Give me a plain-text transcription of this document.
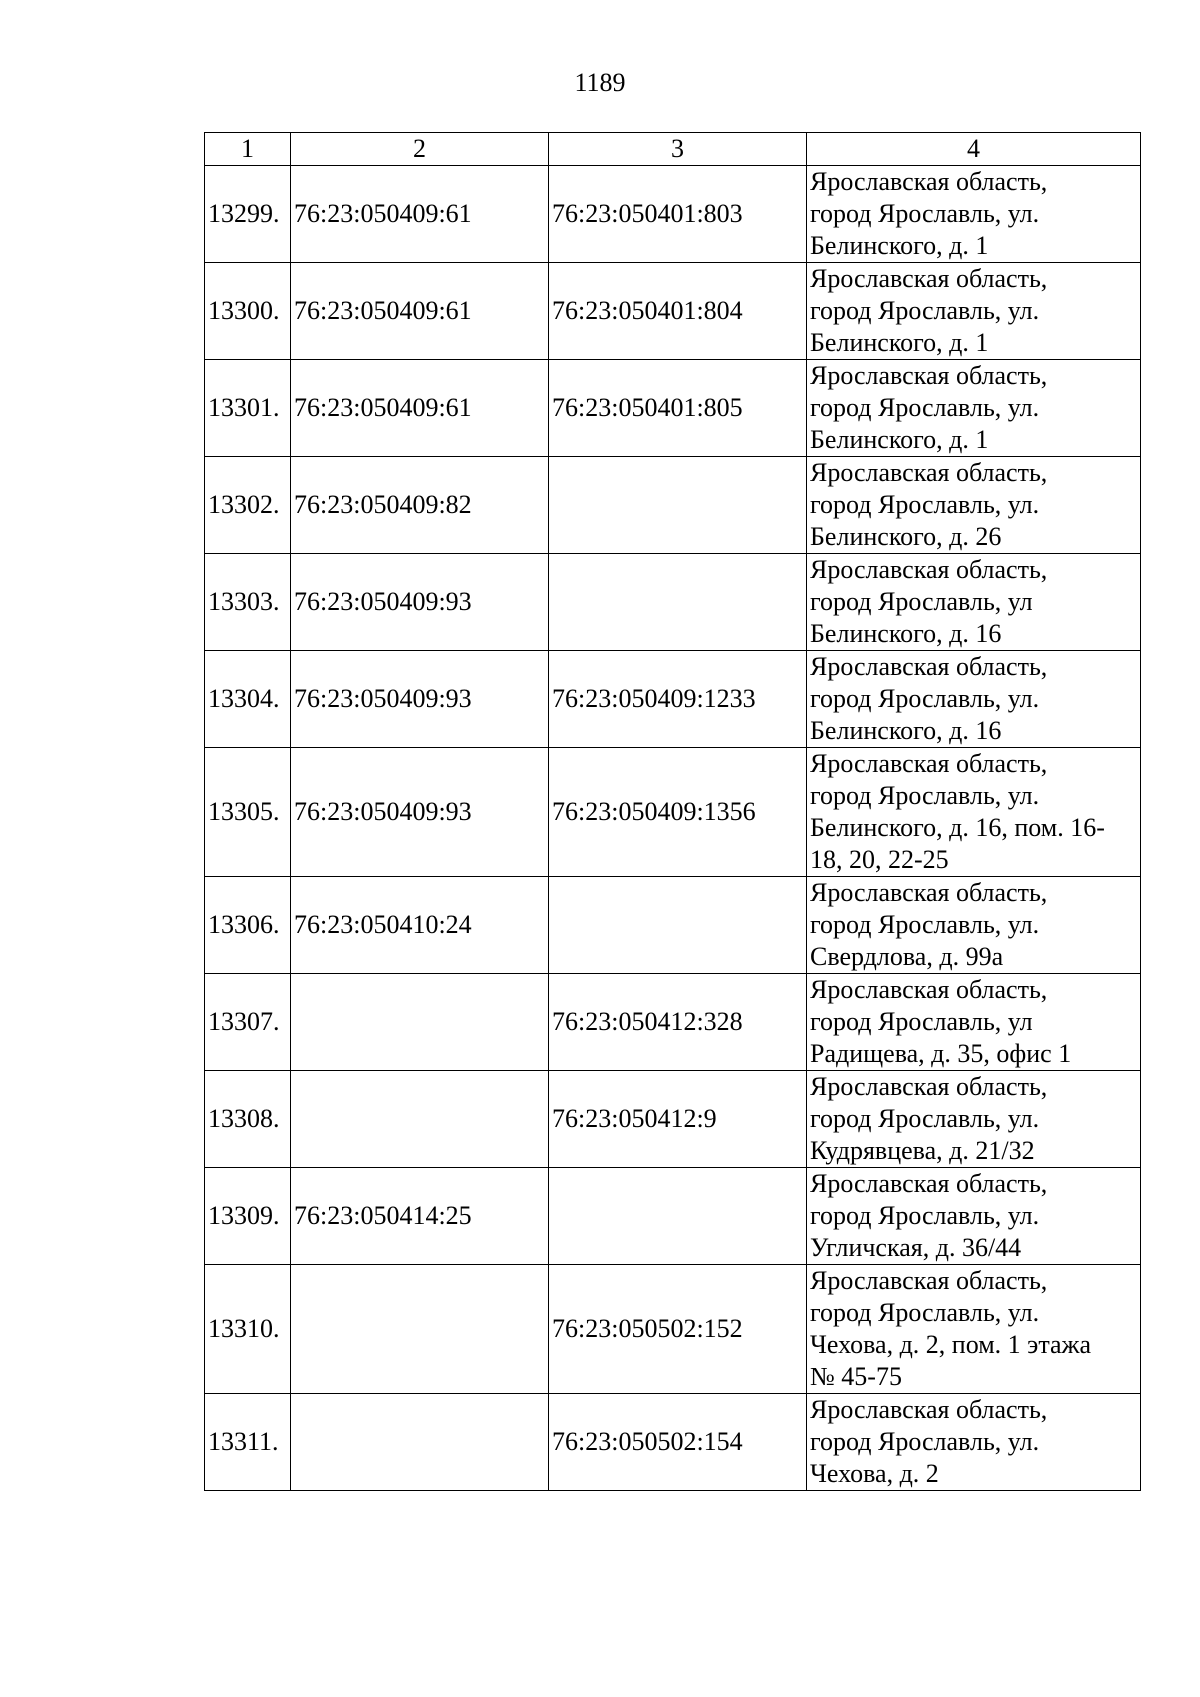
1189
1	2	3	4
13299.	76:23:050409:61	76:23:050401:803	Ярославская область,
город Ярославль, ул.
Белинского, д. 1

13300.	76:23:050409:61	76:23:050401:804	Ярославская область,
город Ярославль, ул.
Белинского, д. 1

13301.	76:23:050409:61	76:23:050401:805	Ярославская область,
город Ярославль, ул.
Белинского, д. 1

13302.	76:23:050409:82		Ярославская область,
город Ярославль, ул.
Белинского, д. 26

13303.	76:23:050409:93		Ярославская область,
город Ярославль, ул
Белинского, д. 16

13304.	76:23:050409:93	76:23:050409:1233	Ярославская область,
город Ярославль, ул.
Белинского, д. 16

13305.	76:23:050409:93	76:23:050409:1356	Ярославская область,
город Ярославль, ул.
Белинского, д. 16, пом. 16-
18, 20, 22-25

13306.	76:23:050410:24		Ярославская область,
город Ярославль, ул.
Свердлова, д. 99а

13307.		76:23:050412:328	Ярославская область,
город Ярославль, ул
Радищева, д. 35, офис 1

13308.		76:23:050412:9	Ярославская область,
город Ярославль, ул.
Кудрявцева, д. 21/32

13309.	76:23:050414:25		Ярославская область,
город Ярославль, ул.
Угличская, д. 36/44

13310.		76:23:050502:152	Ярославская область,
город Ярославль, ул.
Чехова, д. 2, пом. 1 этажа
№ 45-75

13311.		76:23:050502:154	Ярославская область,
город Ярославль, ул.
Чехова, д. 2
